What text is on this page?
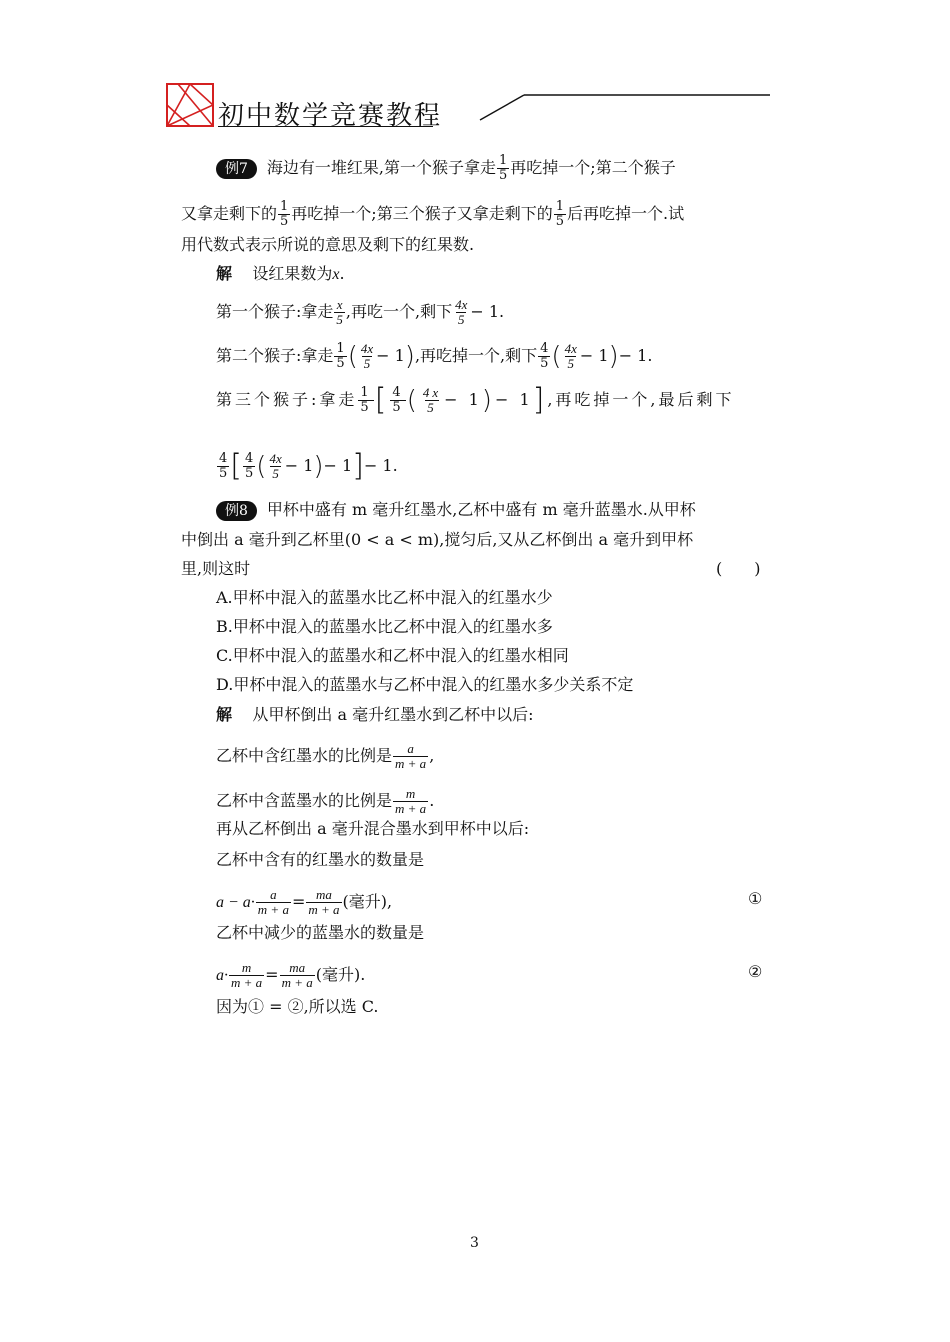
初中数学竞赛教程
例7 海边有一堆红果,第一个猴子拿走 $\frac{1}{5}$ 再吃掉一个;第二个猴子
又拿走剩下的 $\frac{1}{5}$ 再吃掉一个;第三个猴子又拿走剩下的 $\frac{1}{5}$ 后再吃掉一个.试
用代数式表示所说的意思及剩下的红果数.
解 设红果数为x.
第一个猴子:拿走 $\frac{x}{5}$ ,再吃一个,剩下 $\frac{4x}{5} - 1$.
第二个猴子:拿走 $\frac{1}{5}$ ( $\frac{4x}{5} - 1$),再吃掉一个,剩下 $\frac{4}{5}$ ( $\frac{4x}{5} - 1)- 1$.
第三个猴子:拿走 $\frac{1}{5}$ [ $\frac{4}{5}$ ( $\frac{4x}{5} - 1)- 1$],再吃掉一个,最后剩下
$\frac{4}{5}$ [ $\frac{4}{5}$ ( $\frac{4x}{5} - 1)- 1]- 1$.
例8 甲杯中盛有 m 毫升红墨水,乙杯中盛有 m 毫升蓝墨水.从甲杯
中倒出 a 毫升到乙杯里(0 < a < m),搅匀后,又从乙杯倒出 a 毫升到甲杯
里,则这时	(　　)
A.甲杯中混入的蓝墨水比乙杯中混入的红墨水少
B.甲杯中混入的蓝墨水比乙杯中混入的红墨水多
C.甲杯中混入的蓝墨水和乙杯中混入的红墨水相同
D.甲杯中混入的蓝墨水与乙杯中混入的红墨水多少关系不定
解 从甲杯倒出 a 毫升红墨水到乙杯中以后:
乙杯中含红墨水的比例是 $\frac{a}{m + a}$ ,
乙杯中含蓝墨水的比例是 $\frac{m}{m + a}$ .
再从乙杯倒出 a 毫升混合墨水到甲杯中以后:
乙杯中含有的红墨水的数量是
$a - a\cdot \frac{a}{m + a} = \frac{ma}{m + a}$ (毫升),	①
乙杯中减少的蓝墨水的数量是
$a\cdot \frac{m}{m + a} = \frac{ma}{m + a}$ (毫升).	②
因为① = ②,所以选 C.
3
